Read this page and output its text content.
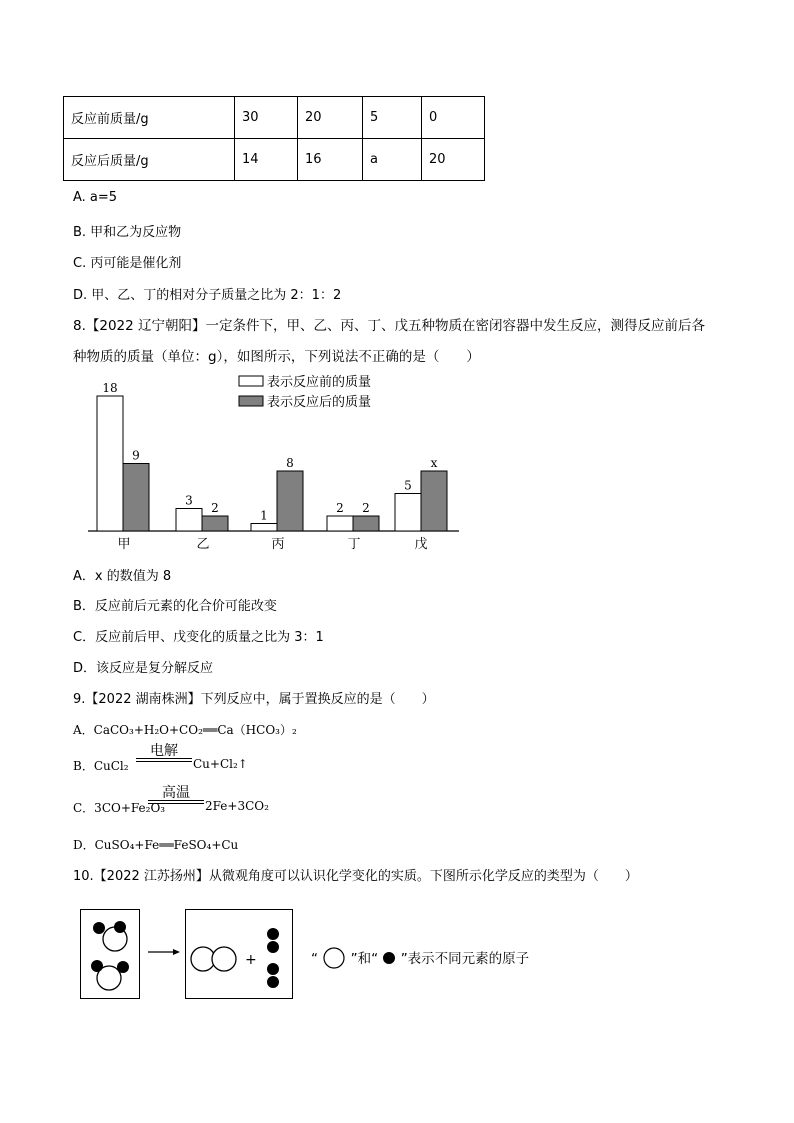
反应前质量/g	30	20	5	0
反应后质量/g	14	16	a	20
A. a=5
B. 甲和乙为反应物
C. 丙可能是催化剂
D. 甲、乙、丁的相对分子质量之比为 2：1：2
8.【2022 辽宁朝阳】一定条件下，甲、乙、丙、丁、戊五种物质在密闭容器中发生反应，测得反应前后各
种物质的质量（单位：g），如图所示，下列说法不正确的是（　　）
18
3
1
2
5
9
2
8
2
x
甲	乙	丙	丁	戊
表示反应前的质量
表示反应后的质量
A．x 的数值为 8
B．反应前后元素的化合价可能改变
C．反应前后甲、戊变化的质量之比为 3：1
D．该反应是复分解反应
9.【2022 湖南株洲】下列反应中，属于置换反应的是（　　）
A．CaCO₃+H₂O+CO₂══Ca（HCO₃）₂
B．CuCl₂
电解
Cu+Cl₂↑
C．3CO+Fe₂O₃
高温
2Fe+3CO₂
D．CuSO₄+Fe══FeSO₄+Cu
10.【2022 江苏扬州】从微观角度可以认识化学变化的实质。下图所示化学反应的类型为（　　）
+	“ ”和“ ”表示不同元素的原子
